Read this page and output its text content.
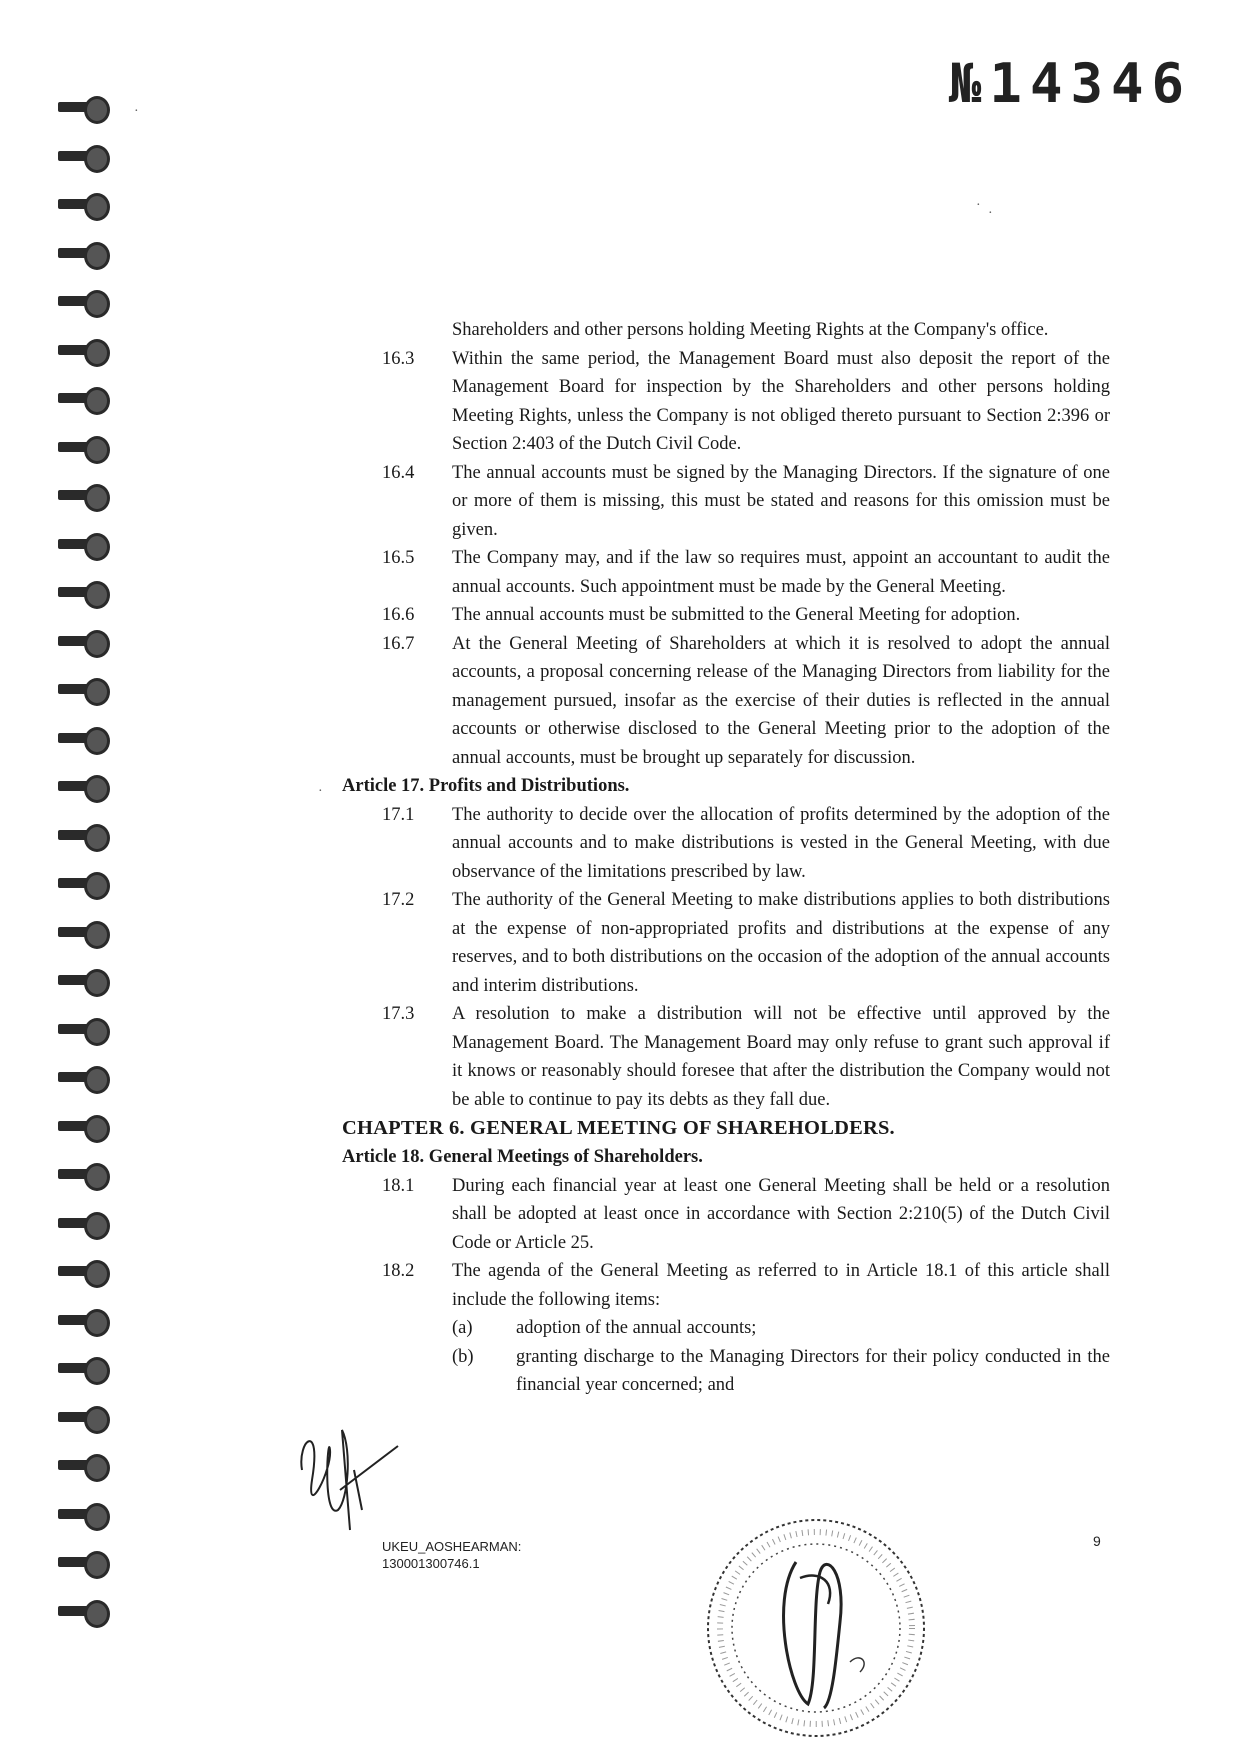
№14346
·
·
·
·
Shareholders and other persons holding Meeting Rights at the Company's office.
16.3	Within the same period, the Management Board must also deposit the report of the Management Board for inspection by the Shareholders and other persons holding Meeting Rights, unless the Company is not obliged thereto pursuant to Section 2:396 or Section 2:403 of the Dutch Civil Code.
16.4	The annual accounts must be signed by the Managing Directors. If the signature of one or more of them is missing, this must be stated and reasons for this omission must be given.
16.5	The Company may, and if the law so requires must, appoint an accountant to audit the annual accounts. Such appointment must be made by the General Meeting.
16.6	The annual accounts must be submitted to the General Meeting for adoption.
16.7	At the General Meeting of Shareholders at which it is resolved to adopt the annual accounts, a proposal concerning release of the Managing Directors from liability for the management pursued, insofar as the exercise of their duties is reflected in the annual accounts or otherwise disclosed to the General Meeting prior to the adoption of the annual accounts, must be brought up separately for discussion.
Article 17. Profits and Distributions.
17.1	The authority to decide over the allocation of profits determined by the adoption of the annual accounts and to make distributions is vested in the General Meeting, with due observance of the limitations prescribed by law.
17.2	The authority of the General Meeting to make distributions applies to both distributions at the expense of non-appropriated profits and distributions at the expense of any reserves, and to both distributions on the occasion of the adoption of the annual accounts and interim distributions.
17.3	A resolution to make a distribution will not be effective until approved by the Management Board. The Management Board may only refuse to grant such approval if it knows or reasonably should foresee that after the distribution the Company would not be able to continue to pay its debts as they fall due.
CHAPTER 6. GENERAL MEETING OF SHAREHOLDERS.
Article 18. General Meetings of Shareholders.
18.1	During each financial year at least one General Meeting shall be held or a resolution shall be adopted at least once in accordance with Section 2:210(5) of the Dutch Civil Code or Article 25.
18.2	The agenda of the General Meeting as referred to in Article 18.1 of this article shall include the following items:
(a) adoption of the annual accounts;
(b) granting discharge to the Managing Directors for their policy conducted in the financial year concerned; and
UKEU_AOSHEARMAN:
130001300746.1
9
